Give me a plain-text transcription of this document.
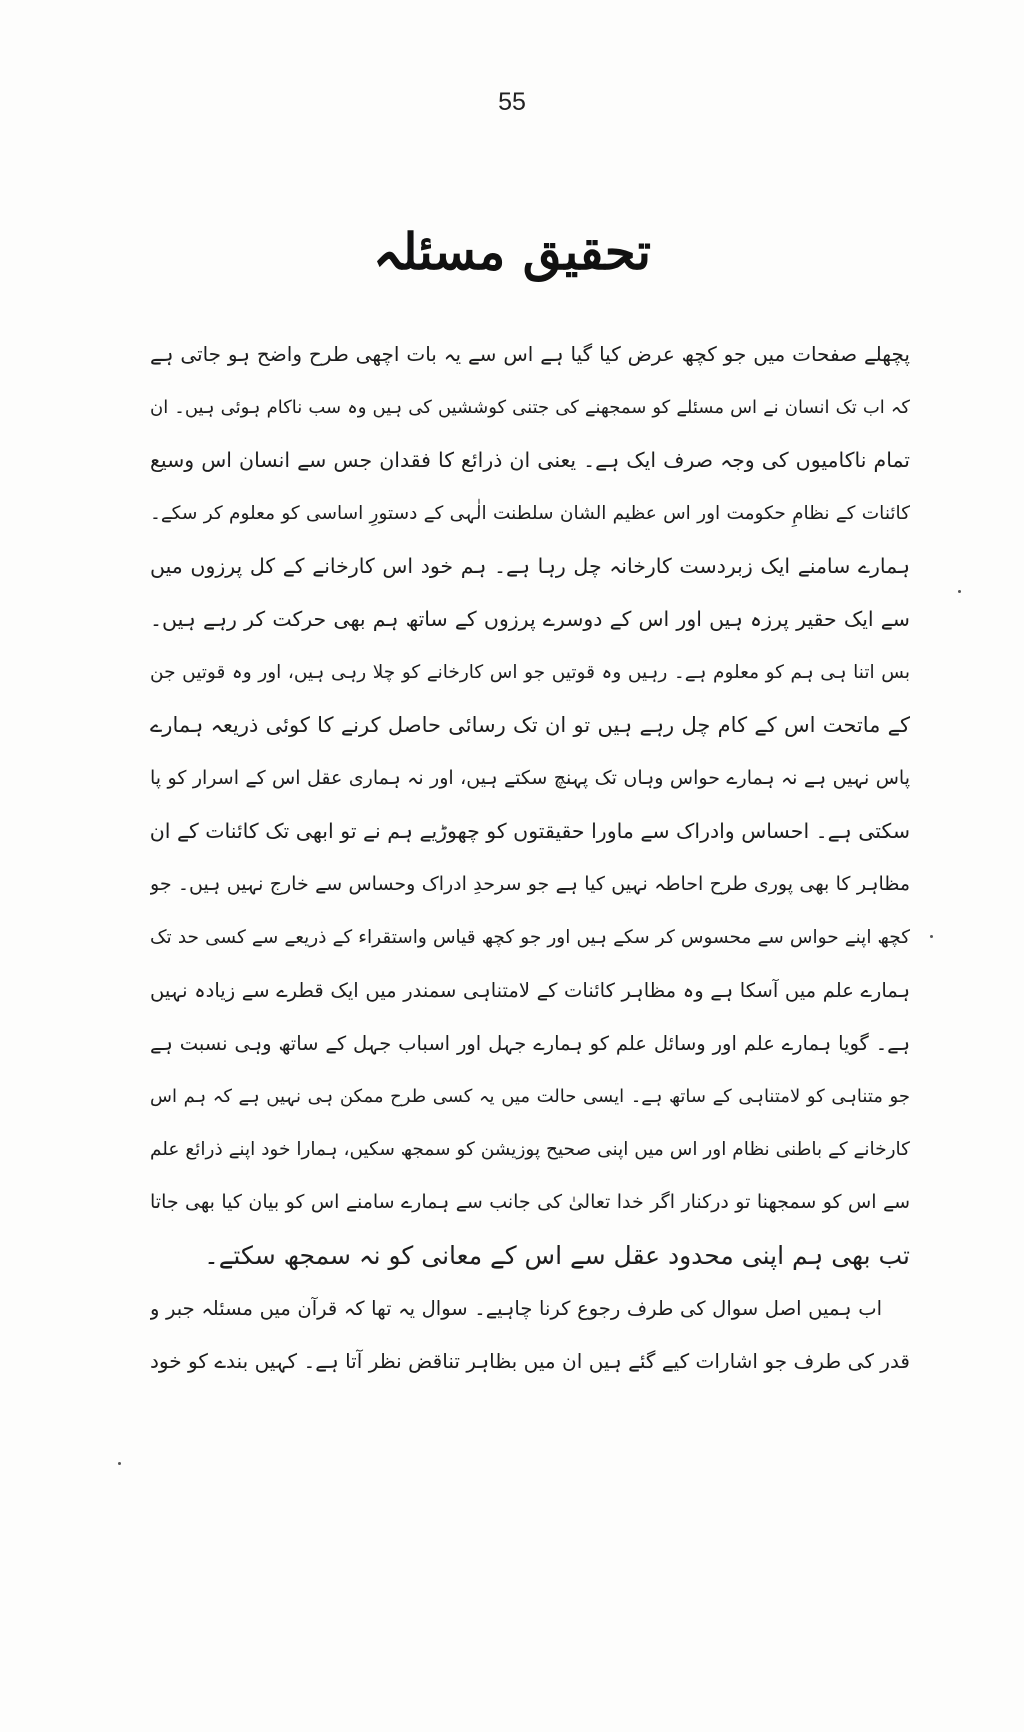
55
تحقیق مسئلہ
پچھلے صفحات میں جو کچھ عرض کیا گیا ہے اس سے یہ بات اچھی طرح واضح ہو جاتی ہے
کہ اب تک انسان نے اس مسئلے کو سمجھنے کی جتنی کوششیں کی ہیں وہ سب ناکام ہوئی ہیں۔ ان
تمام ناکامیوں کی وجہ صرف ایک ہے۔ یعنی ان ذرائع کا فقدان جس سے انسان اس وسیع
کائنات کے نظامِ حکومت اور اس عظیم الشان سلطنت الٰہی کے دستورِ اساسی کو معلوم کر سکے۔
ہمارے سامنے ایک زبردست کارخانہ چل رہا ہے۔ ہم خود اس کارخانے کے کل پرزوں میں
سے ایک حقیر پرزہ ہیں اور اس کے دوسرے پرزوں کے ساتھ ہم بھی حرکت کر رہے ہیں۔
بس اتنا ہی ہم کو معلوم ہے۔ رہیں وہ قوتیں جو اس کارخانے کو چلا رہی ہیں، اور وہ قوتیں جن
کے ماتحت اس کے کام چل رہے ہیں تو ان تک رسائی حاصل کرنے کا کوئی ذریعہ ہمارے
پاس نہیں ہے نہ ہمارے حواس وہاں تک پہنچ سکتے ہیں، اور نہ ہماری عقل اس کے اسرار کو پا
سکتی ہے۔ احساس وادراک سے ماورا حقیقتوں کو چھوڑیے ہم نے تو ابھی تک کائنات کے ان
مظاہر کا بھی پوری طرح احاطہ نہیں کیا ہے جو سرحدِ ادراک وحساس سے خارج نہیں ہیں۔ جو
کچھ اپنے حواس سے محسوس کر سکے ہیں اور جو کچھ قیاس واستقراء کے ذریعے سے کسی حد تک
ہمارے علم میں آسکا ہے وہ مظاہر کائنات کے لامتناہی سمندر میں ایک قطرے سے زیادہ نہیں
ہے۔ گویا ہمارے علم اور وسائل علم کو ہمارے جہل اور اسباب جہل کے ساتھ وہی نسبت ہے
جو متناہی کو لامتناہی کے ساتھ ہے۔ ایسی حالت میں یہ کسی طرح ممکن ہی نہیں ہے کہ ہم اس
کارخانے کے باطنی نظام اور اس میں اپنی صحیح پوزیشن کو سمجھ سکیں، ہمارا خود اپنے ذرائع علم
سے اس کو سمجھنا تو درکنار اگر خدا تعالیٰ کی جانب سے ہمارے سامنے اس کو بیان کیا بھی جاتا
تب بھی ہم اپنی محدود عقل سے اس کے معانی کو نہ سمجھ سکتے۔
اب ہمیں اصل سوال کی طرف رجوع کرنا چاہیے۔ سوال یہ تھا کہ قرآن میں مسئلہ جبر و
قدر کی طرف جو اشارات کیے گئے ہیں ان میں بظاہر تناقض نظر آتا ہے۔ کہیں بندے کو خود
